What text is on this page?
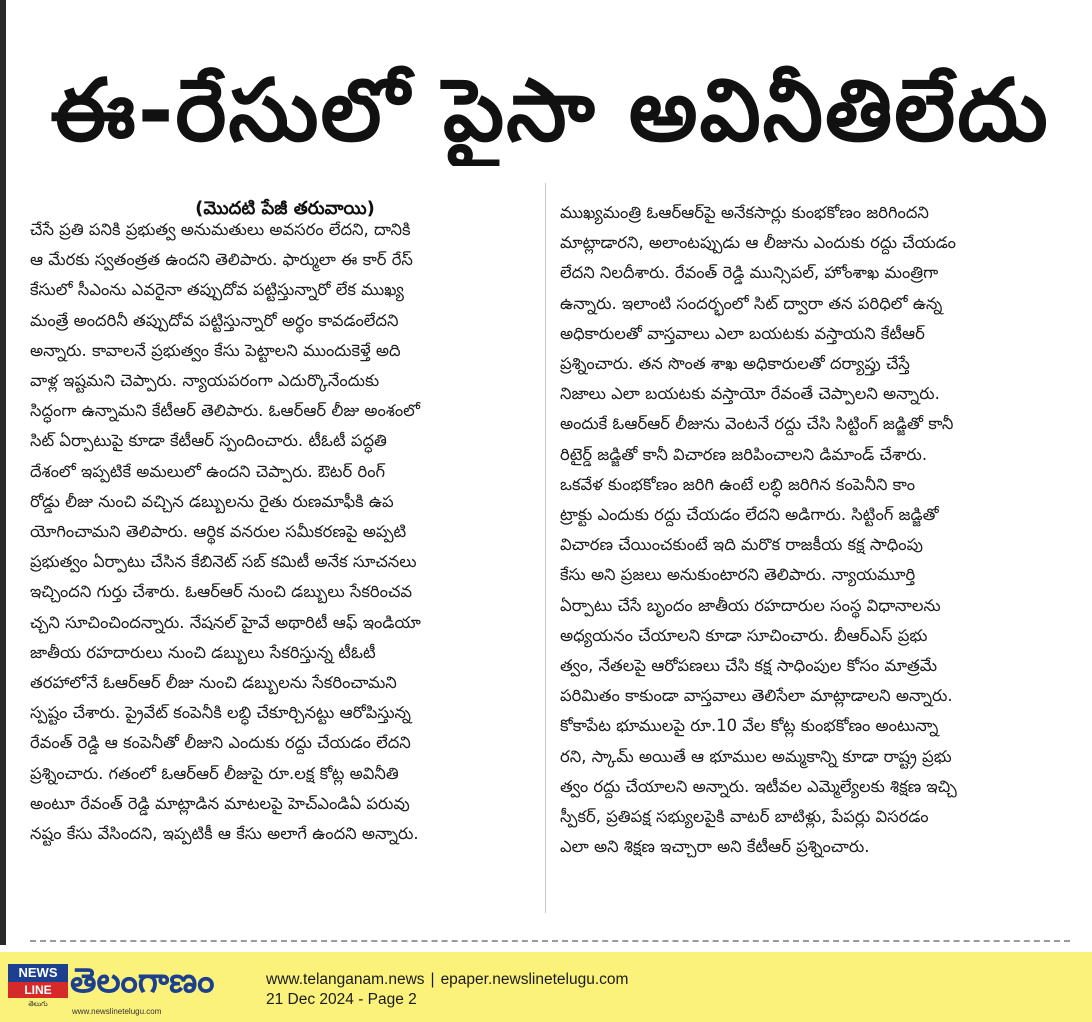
ఈ-రేసులో పైసా అవినీతిలేదు
(మొదటి పేజీ తరువాయి)
చేసే ప్రతి పనికి ప్రభుత్వ అనుమతులు అవసరం లేదని, దానికి
ఆ మేరకు స్వతంత్రత ఉందని తెలిపారు. ఫార్ములా ఈ కార్ రేస్
కేసులో సీఎంను ఎవరైనా తప్పుదోవ పట్టిస్తున్నారో లేక ముఖ్య
మంత్రే అందరినీ తప్పుదోవ పట్టిస్తున్నారో అర్థం కావడంలేదని
అన్నారు. కావాలనే ప్రభుత్వం కేసు పెట్టాలని ముందుకెళ్తే అది
వాళ్ల ఇష్టమని చెప్పారు. న్యాయపరంగా ఎదుర్కొనేందుకు
సిద్ధంగా ఉన్నామని కేటీఆర్ తెలిపారు. ఓఆర్ఆర్ లీజు అంశంలో
సిట్ ఏర్పాటుపై కూడా కేటీఆర్ స్పందించారు. టీఓటీ పద్ధతి
దేశంలో ఇప్పటికే అమలులో ఉందని చెప్పారు. ఔటర్ రింగ్
రోడ్డు లీజు నుంచి వచ్చిన డబ్బులను రైతు రుణమాఫీకి ఉప
యోగించామని తెలిపారు. ఆర్థిక వనరుల సమీకరణపై అప్పటి
ప్రభుత్వం ఏర్పాటు చేసిన కేబినెట్ సబ్ కమిటీ అనేక సూచనలు
ఇచ్చిందని గుర్తు చేశారు. ఓఆర్ఆర్ నుంచి డబ్బులు సేకరించవ
చ్చని సూచించిందన్నారు. నేషనల్ హైవే అథారిటీ ఆఫ్ ఇండియా
జాతీయ రహదారులు నుంచి డబ్బులు సేకరిస్తున్న టీఓటీ
తరహాలోనే ఓఆర్ఆర్ లీజు నుంచి డబ్బులను సేకరించామని
స్పష్టం చేశారు. ప్రైవేట్ కంపెనీకి లబ్ధి చేకూర్చినట్టు ఆరోపిస్తున్న
రేవంత్ రెడ్డి ఆ కంపెనీతో లీజుని ఎందుకు రద్దు చేయడం లేదని
ప్రశ్నించారు. గతంలో ఓఆర్ఆర్ లీజుపై రూ.లక్ష కోట్ల అవినీతి
అంటూ రేవంత్ రెడ్డి మాట్లాడిన మాటలపై హెచ్ఎండిఏ పరువు
నష్టం కేసు వేసిందని, ఇప్పటికీ ఆ కేసు అలాగే ఉందని అన్నారు.
ముఖ్యమంత్రి ఓఆర్ఆర్‌పై అనేకసార్లు కుంభకోణం జరిగిందని
మాట్లాడారని, అలాంటప్పుడు ఆ లీజును ఎందుకు రద్దు చేయడం
లేదని నిలదీశారు. రేవంత్ రెడ్డి మున్సిపల్, హోంశాఖ మంత్రిగా
ఉన్నారు. ఇలాంటి సందర్భంలో సిట్ ద్వారా తన పరిధిలో ఉన్న
అధికారులతో వాస్తవాలు ఎలా బయటకు వస్తాయని కేటీఆర్
ప్రశ్నించారు. తన సొంత శాఖ అధికారులతో దర్యాప్తు చేస్తే
నిజాలు ఎలా బయటకు వస్తాయో రేవంతే చెప్పాలని అన్నారు.
అందుకే ఓఆర్ఆర్ లీజును వెంటనే రద్దు చేసి సిట్టింగ్ జడ్జితో కానీ
రిటైర్డ్ జడ్జితో కానీ విచారణ జరిపించాలని డిమాండ్ చేశారు.
ఒకవేళ కుంభకోణం జరిగి ఉంటే లబ్ధి జరిగిన కంపెనీని కాం
ట్రాక్టు ఎందుకు రద్దు చేయడం లేదని అడిగారు. సిట్టింగ్ జడ్జితో
విచారణ చేయించకుంటే ఇది మరొక రాజకీయ కక్ష సాధింపు
కేసు అని ప్రజలు అనుకుంటారని తెలిపారు. న్యాయమూర్తి
ఏర్పాటు చేసే బృందం జాతీయ రహదారుల సంస్థ విధానాలను
అధ్యయనం చేయాలని కూడా సూచించారు. బీఆర్ఎస్ ప్రభు
త్వం, నేతలపై ఆరోపణలు చేసి కక్ష సాధింపుల కోసం మాత్రమే
పరిమితం కాకుండా వాస్తవాలు తెలిసేలా మాట్లాడాలని అన్నారు.
కోకాపేట భూములపై రూ.10 వేల కోట్ల కుంభకోణం అంటున్నా
రని, స్కామ్ అయితే ఆ భూముల అమ్మకాన్ని కూడా రాష్ట్ర ప్రభు
త్వం రద్దు చేయాలని అన్నారు. ఇటీవల ఎమ్మెల్యేలకు శిక్షణ ఇచ్చి
స్పీకర్, ప్రతిపక్ష సభ్యులపైకి వాటర్ బాటిళ్లు, పేపర్లు విసరడం
ఎలా అని శిక్షణ ఇచ్చారా అని కేటీఆర్ ప్రశ్నించారు.
NEWS
LINE
తెలుగు
తెలంగాణం
www.newslinetelugu.com
www.telanganam.news | epaper.newslinetelugu.com
21 Dec 2024 - Page 2
